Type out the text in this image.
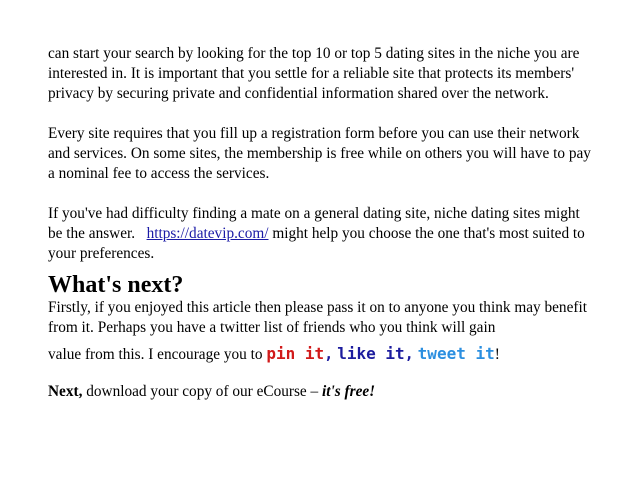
can start your search by looking for the top 10 or top 5 dating sites in the niche you are interested in. It is important that you settle for a reliable site that protects its members' privacy by securing private and confidential information shared over the network.

Every site requires that you fill up a registration form before you can use their network and services. On some sites, the membership is free while on others you will have to pay a nominal fee to access the services.

If you've had difficulty finding a mate on a general dating site, niche dating sites might be the answer. https://datevip.com/ might help you choose the one that's most suited to your preferences.

What's next?

Firstly, if you enjoyed this article then please pass it on to anyone you think may benefit from it. Perhaps you have a twitter list of friends who you think will gain

value from this. I encourage you to pin it, like it, tweet it!

Next, download your copy of our eCourse – it's free!
